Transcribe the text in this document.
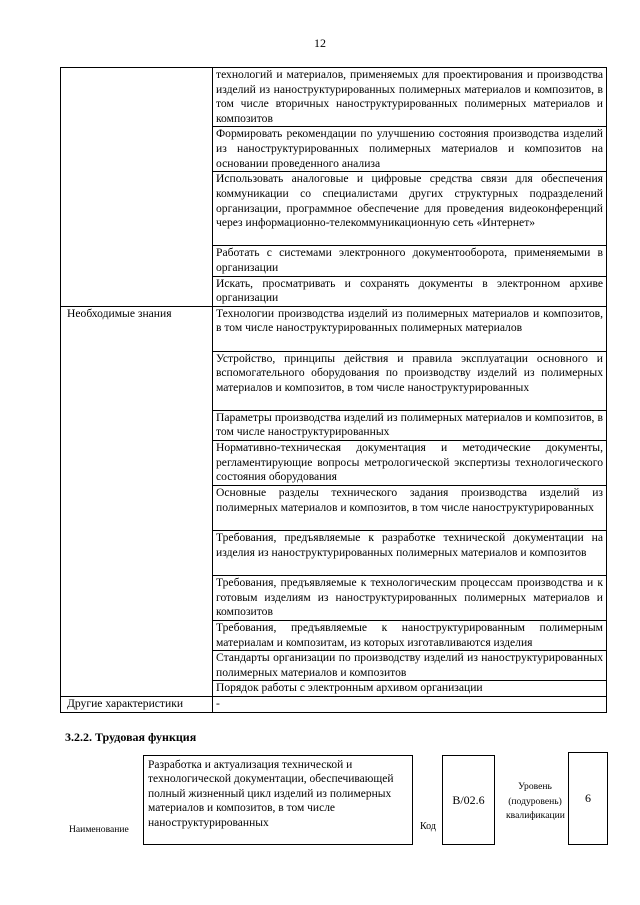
12
	технологий и материалов, применяемых для проектирования и производства изделий из наноструктурированных полимерных материалов и композитов, в том числе вторичных наноструктурированных полимерных материалов и композитов
	Формировать рекомендации по улучшению состояния производства изделий из наноструктурированных полимерных материалов и композитов на основании проведенного анализа
	Использовать аналоговые и цифровые средства связи для обеспечения коммуникации со специалистами других структурных подразделений организации, программное обеспечение для проведения видеоконференций через информационно-телекоммуникационную сеть «Интернет»
	Работать с системами электронного документооборота, применяемыми в организации
	Искать, просматривать и сохранять документы в электронном архиве организации
Необходимые знания	Технологии производства изделий из полимерных материалов и композитов, в том числе наноструктурированных полимерных материалов
	Устройство, принципы действия и правила эксплуатации основного и вспомогательного оборудования по производству изделий из полимерных материалов и композитов, в том числе наноструктурированных
	Параметры производства изделий из полимерных материалов и композитов, в том числе наноструктурированных
	Нормативно-техническая документация и методические документы, регламентирующие вопросы метрологической экспертизы технологического состояния оборудования
	Основные разделы технического задания производства изделий из полимерных материалов и композитов, в том числе наноструктурированных
	Требования, предъявляемые к разработке технической документации на изделия из наноструктурированных полимерных материалов и композитов
	Требования, предъявляемые к технологическим процессам производства и к готовым изделиям из наноструктурированных полимерных материалов и композитов
	Требования, предъявляемые к наноструктурированным полимерным материалам и композитам, из которых изготавливаются изделия
	Стандарты организации по производству изделий из наноструктурированных полимерных материалов и композитов
	Порядок работы с электронным архивом организации
Другие характеристики	-
3.2.2. Трудовая функция
Наименование
Разработка и актуализация технической и технологической документации, обеспечивающей полный жизненный цикл изделий из полимерных материалов и композитов, в том числе наноструктурированных	Код
В/02.6
Уровень (подуровень) квалификации
6
